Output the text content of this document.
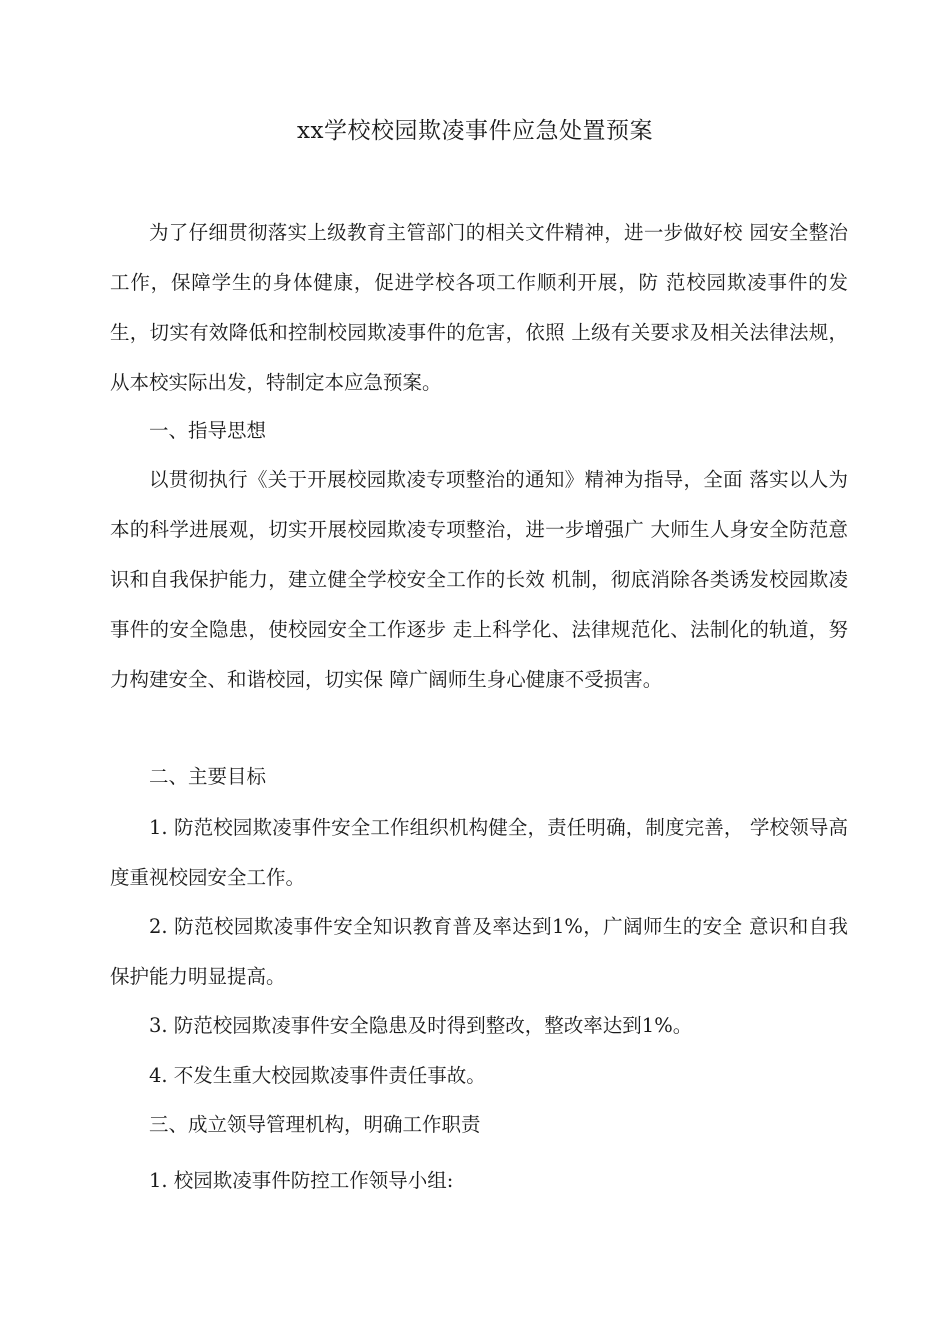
xx学校校园欺凌事件应急处置预案

为了仔细贯彻落实上级教育主管部门的相关文件精神，进一步做好校 园安全整治工作，保障学生的身体健康，促进学校各项工作顺利开展，防 范校园欺凌事件的发生，切实有效降低和控制校园欺凌事件的危害，依照 上级有关要求及相关法律法规，从本校实际出发，特制定本应急预案。

一、指导思想

以贯彻执行《关于开展校园欺凌专项整治的通知》精神为指导，全面 落实以人为本的科学进展观，切实开展校园欺凌专项整治，进一步增强广 大师生人身安全防范意识和自我保护能力，建立健全学校安全工作的长效 机制，彻底消除各类诱发校园欺凌事件的安全隐患，使校园安全工作逐步 走上科学化、法律规范化、法制化的轨道，努力构建安全、和谐校园，切实保 障广阔师生身心健康不受损害。

二、主要目标

1. 防范校园欺凌事件安全工作组织机构健全，责任明确，制度完善， 学校领导高度重视校园安全工作。

2. 防范校园欺凌事件安全知识教育普及率达到1%，广阔师生的安全 意识和自我保护能力明显提高。

3. 防范校园欺凌事件安全隐患及时得到整改，整改率达到1%。

4. 不发生重大校园欺凌事件责任事故。

三、成立领导管理机构，明确工作职责

1. 校园欺凌事件防控工作领导小组:
